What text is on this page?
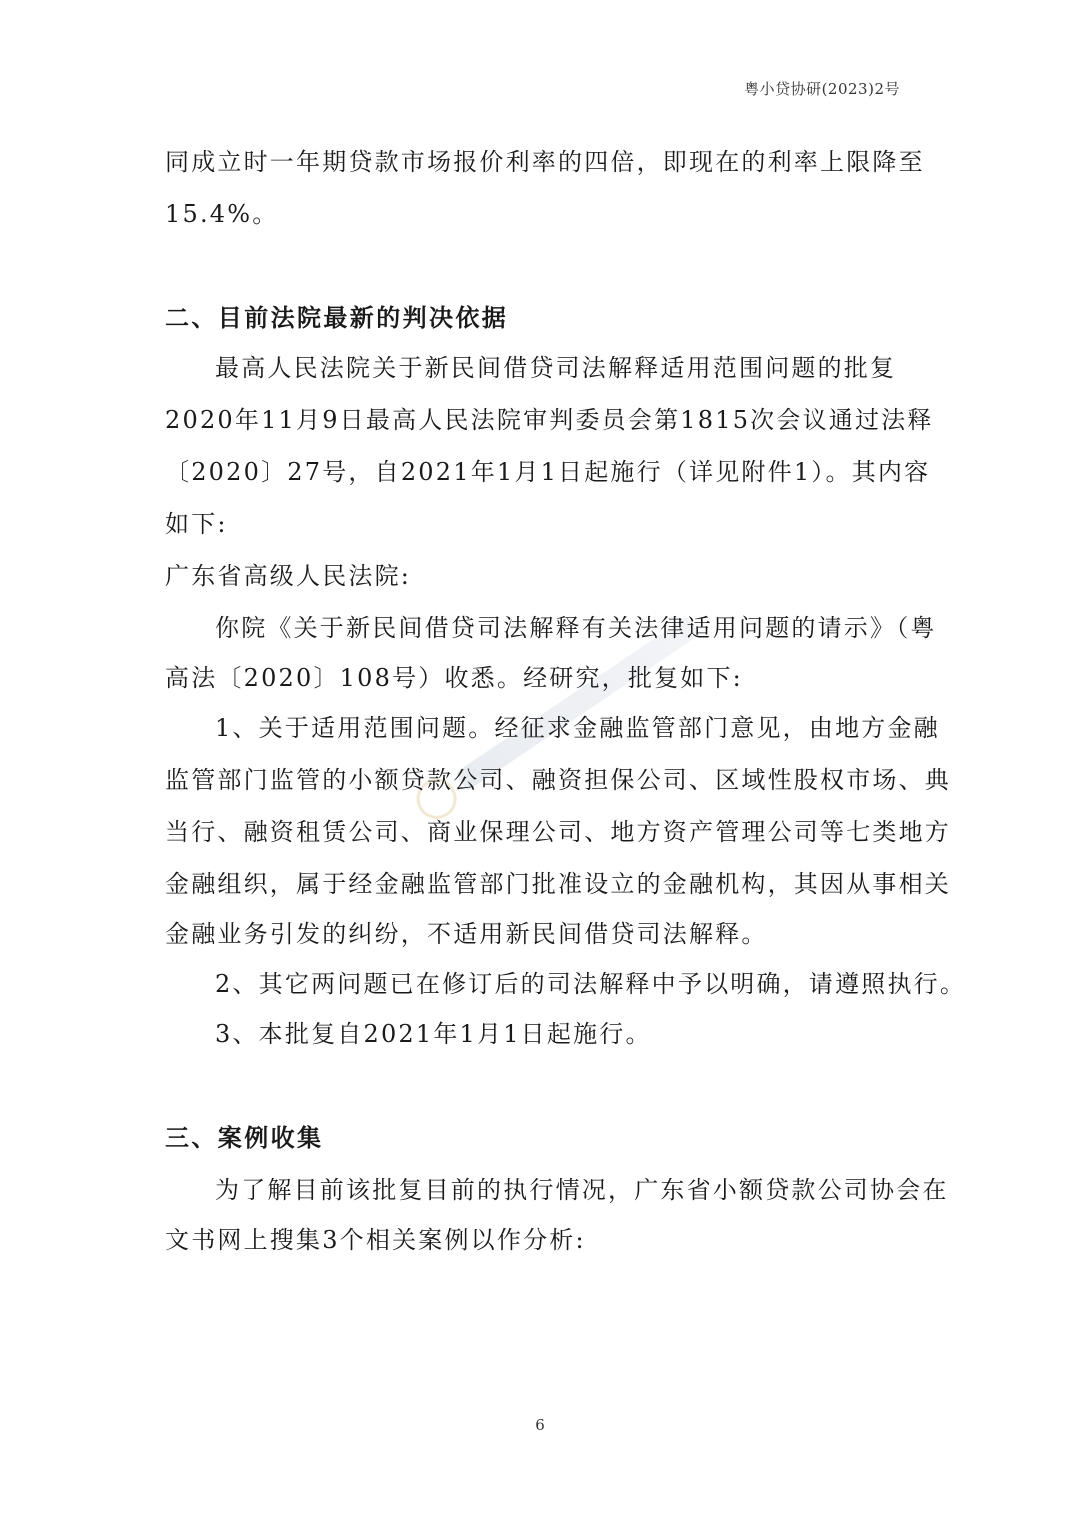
粤小贷协研(2023)2号
同成立时一年期贷款市场报价利率的四倍，即现在的利率上限降至
15.4%。
二、目前法院最新的判决依据
最高人民法院关于新民间借贷司法解释适用范围问题的批复
2020年11月9日最高人民法院审判委员会第1815次会议通过法释
〔2020〕27号，自2021年1月1日起施行（详见附件1）。其内容
如下:
广东省高级人民法院:
你院《关于新民间借贷司法解释有关法律适用问题的请示》（粤
高法〔2020〕108号）收悉。经研究，批复如下:
1、关于适用范围问题。经征求金融监管部门意见，由地方金融
监管部门监管的小额贷款公司、融资担保公司、区域性股权市场、典
当行、融资租赁公司、商业保理公司、地方资产管理公司等七类地方
金融组织，属于经金融监管部门批准设立的金融机构，其因从事相关
金融业务引发的纠纷，不适用新民间借贷司法解释。
2、其它两问题已在修订后的司法解释中予以明确，请遵照执行。
3、本批复自2021年1月1日起施行。
三、案例收集
为了解目前该批复目前的执行情况，广东省小额贷款公司协会在
文书网上搜集3个相关案例以作分析:
6
